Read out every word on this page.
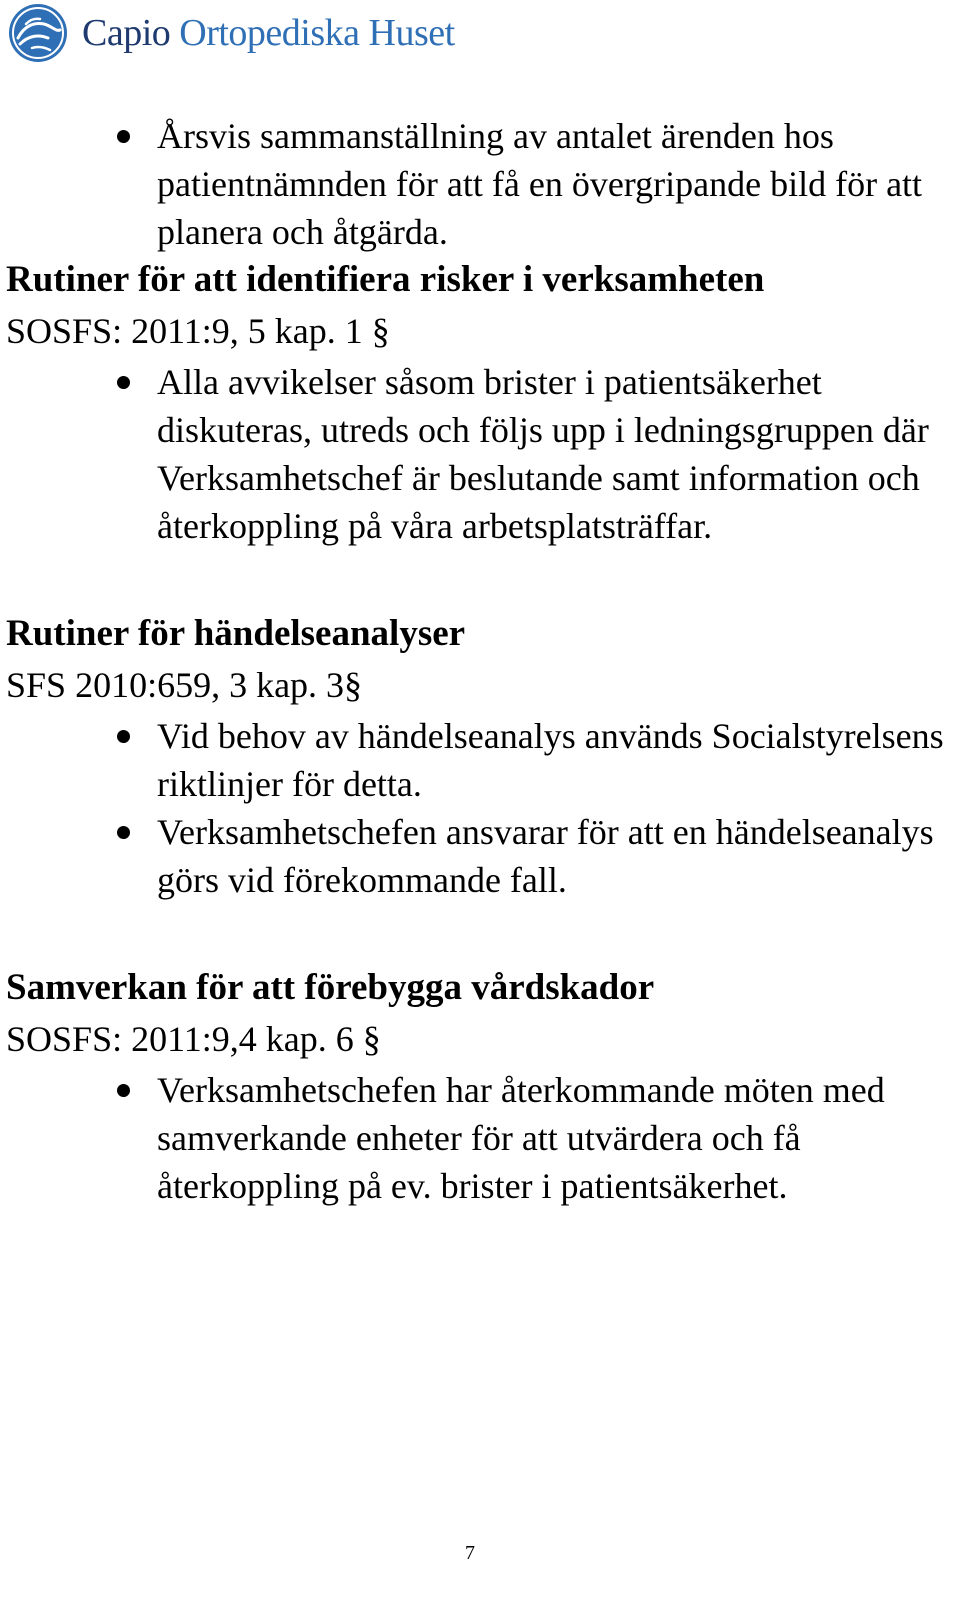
Capio Ortopediska Huset
Årsvis sammanställning av antalet ärenden hos patientnämnden för att få en övergripande bild för att planera och åtgärda.
Rutiner för att identifiera risker i verksamheten

SOSFS: 2011:9, 5 kap. 1 §

Alla avvikelser såsom brister i patientsäkerhet diskuteras, utreds och följs upp i ledningsgruppen där Verksamhetschef är beslutande samt information och återkoppling på våra arbetsplatsträffar.
Rutiner för händelseanalyser

SFS 2010:659, 3 kap. 3§

Vid behov av händelseanalys används Socialstyrelsens riktlinjer för detta.
Verksamhetschefen ansvarar för att en händelseanalys görs vid förekommande fall.
Samverkan för att förebygga vårdskador

SOSFS: 2011:9,4 kap. 6 §

Verksamhetschefen har återkommande möten med samverkande enheter för att utvärdera och få återkoppling på ev. brister i patientsäkerhet.
7
